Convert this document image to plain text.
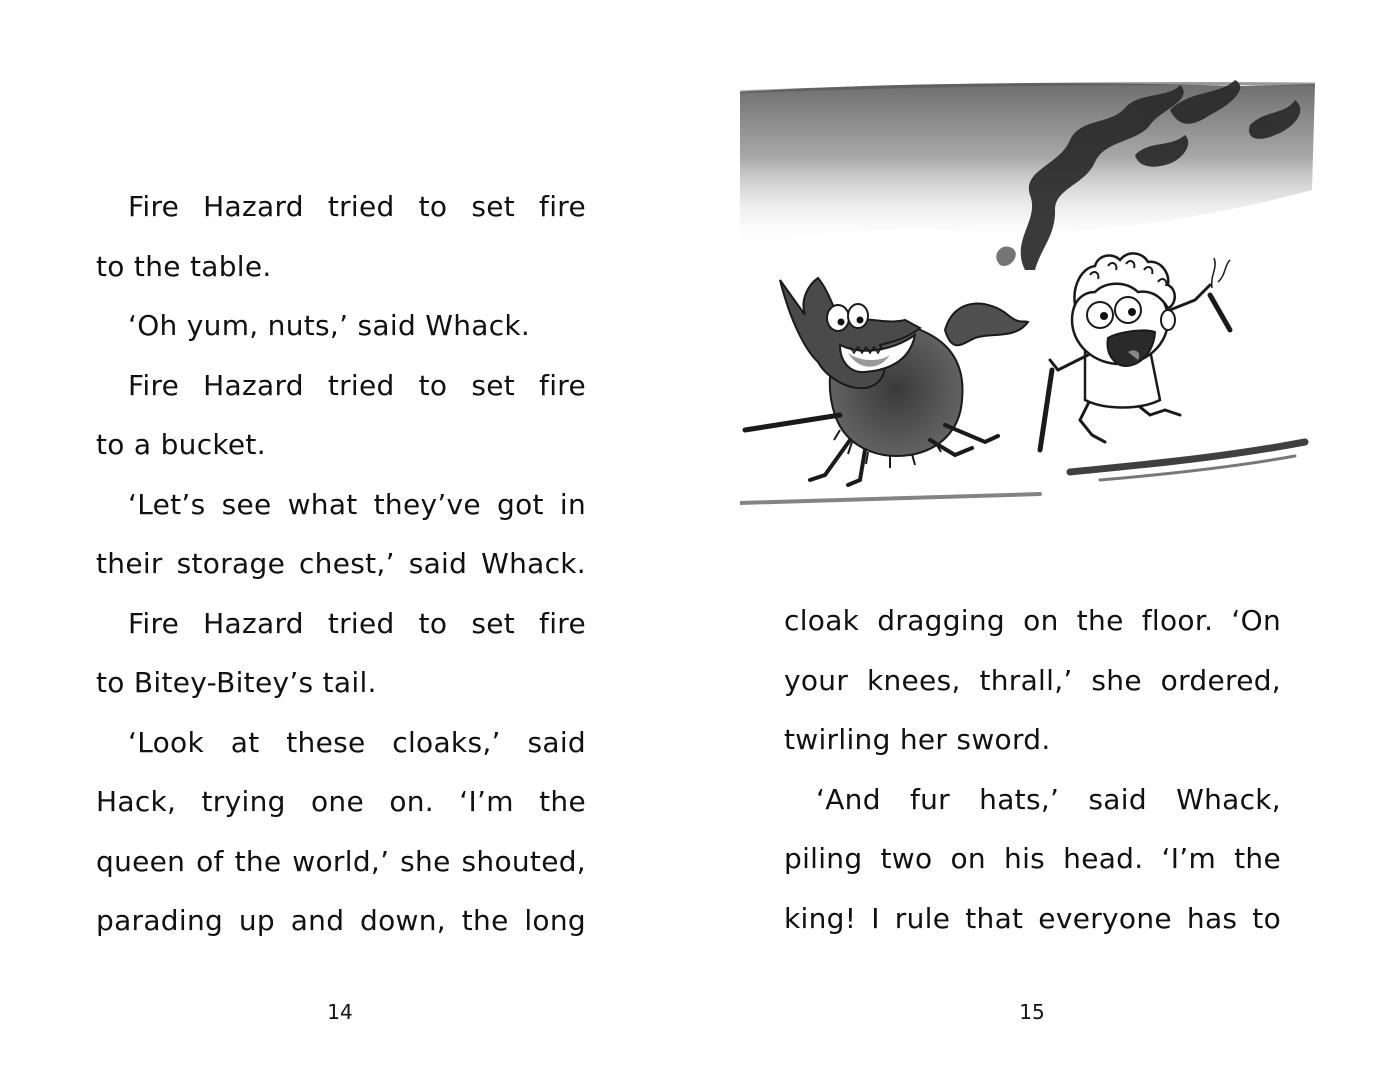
Fire Hazard tried to set fire
to the table.
‘Oh yum, nuts,’ said Whack.
Fire Hazard tried to set fire
to a bucket.
‘Let’s see what they’ve got in
their storage chest,’ said Whack.
Fire Hazard tried to set fire
to Bitey-Bitey’s tail.
‘Look at these cloaks,’ said
Hack, trying one on. ‘I’m the
queen of the world,’ she shouted,
parading up and down, the long
14
cloak dragging on the floor. ‘On
your knees, thrall,’ she ordered,
twirling her sword.
‘And fur hats,’ said Whack,
piling two on his head. ‘I’m the
king! I rule that everyone has to
15
